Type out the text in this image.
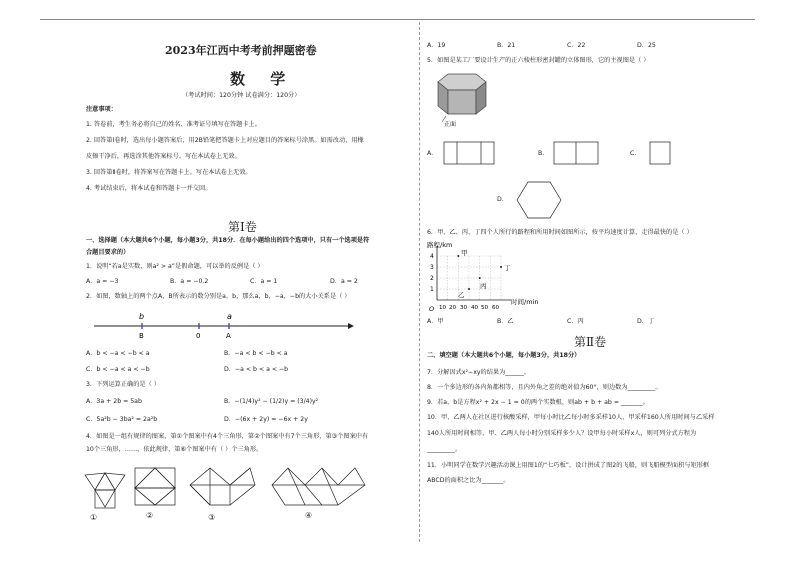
2023年江西中考考前押题密卷
数 学
（考试时间：120分钟 试卷满分：120分）
注意事项：
1. 答卷前，考生务必将自己的姓名、准考证号填写在答题卡上。
2. 回答第Ⅰ卷时，选出每小题答案后，用2B铅笔把答题卡上对应题目的答案标号涂黑。如需改动，用橡
皮擦干净后，再选涂其他答案标号。写在本试卷上无效。
3. 回答第Ⅱ卷时，将答案写在答题卡上。写在本试卷上无效。
4. 考试结束后，将本试卷和答题卡一并交回。
第Ⅰ卷
一、选择题（本大题共6个小题，每小题3分，共18分．在每小题给出的四个选项中，只有一个选项是符
合题目要求的）
1．说明“若a是实数，则a² > a”是假命题，可以举的反例是（ ）
A．a = −3	B．a = −0.2	C．a = 1	D．a = 2
2．如图，数轴上的两个点A，B所表示的数分别是a，b，那么a，b，−a，−b的大小关系是（ ）
b	a
B	0	A
A．b < −a < −b < a	B．−a < b < −b < a
C．b < −a < a < −b	D．−a < b < a < −b
3．下列运算正确的是（ ）
A．3a + 2b = 5ab	B．−(1/4)y² − (1/2)y = (3/4)y²
C．5a²b − 3ba² = 2a²b	D．−(6x + 2y) = −6x + 2y
4．如图是一组有规律的图案，第①个图案中有4个三角形，第②个图案中有7个三角形，第③个图案中有
10个三角形，……，依此规律，第⑥个图案中有（ ）个三角形。
①	②	③	④
A．19	B．21	C．22	D．25
5．如图是某工厂要设计生产的正六棱柱形密封罐的立体图形，它的主视图是（ ）
正面
A.	B.	C.
D.
6．甲、乙、丙、丁四个人所行的路程和所用时间如图所示，按平均速度计算，走得最快的是（ ）
路程/km
时间/min
O
1
2
3
4
10 20 30 40 50 60
甲
乙
丙
丁
A．甲	B．乙	C．丙	D．丁
第Ⅱ卷
二、填空题（本大题共6个小题，每小题3分，共18分）
7．分解因式x²−xy的结果为______。
8．一个多边形的各内角都相等，且内外角之差的绝对值为60°，则边数为_________。
9．若a，b是方程x² + 2x − 1 = 0的两个实数根，则ab + b + ab = _______。
10．甲、乙两人在社区进行核酸采样，甲每小时比乙每小时多采样10人，甲采样160人所用时间与乙采样
140人所用时间相等，甲、乙两人每小时分别采样多少人？设甲每小时采样x人，则可列分式方程为
_________。
11．小明同学在数学兴趣活动课上用图1的“七巧板”，设计拼成了图2的飞船，则飞船模型面积与矩形框
ABCD的面积之比为_______。
